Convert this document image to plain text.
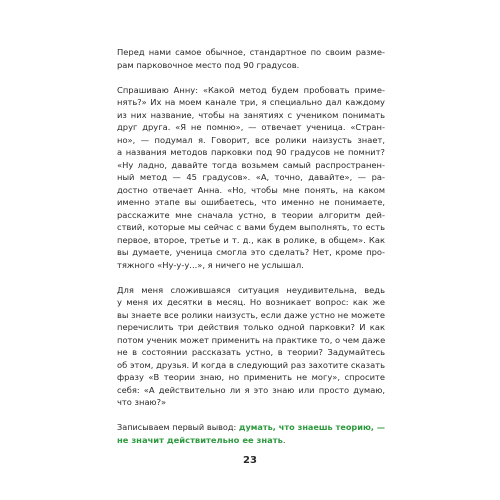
Перед нами самое обычное, стандартное по своим разме-
рам парковочное место под 90 градусов.

Спрашиваю Анну: «Какой метод будем пробовать приме-
нять?» Их на моем канале три, я специально дал каждому
из них название, чтобы на занятиях с учеником понимать
друг друга. «Я не помню», — отвечает ученица. «Стран-
но», — подумал я. Говорит, все ролики наизусть знает,
а названия методов парковки под 90 градусов не помнит?
«Ну ладно, давайте тогда возьмем самый распространен-
ный метод — 45 градусов». «А, точно, давайте», — ра-
достно отвечает Анна. «Но, чтобы мне понять, на каком
именно этапе вы ошибаетесь, что именно не понимаете,
расскажите мне сначала устно, в теории алгоритм дей-
ствий, которые мы сейчас с вами будем выполнять, то есть
первое, второе, третье и т. д., как в ролике, в общем». Как
вы думаете, ученица смогла это сделать? Нет, кроме про-
тяжного «Ну-у-у...», я ничего не услышал.

Для меня сложившаяся ситуация неудивительна, ведь
у меня их десятки в месяц. Но возникает вопрос: как же
вы знаете все ролики наизусть, если даже устно не можете
перечислить три действия только одной парковки? И как
потом ученик может применить на практике то, о чем даже
не в состоянии рассказать устно, в теории? Задумайтесь
об этом, друзья. И когда в следующий раз захотите сказать
фразу «В теории знаю, но применить не могу», спросите
себя: «А действительно ли я это знаю или просто думаю,
что знаю?»

Записываем первый вывод: думать, что знаешь теорию, —
не значит действительно ее знать.

23
